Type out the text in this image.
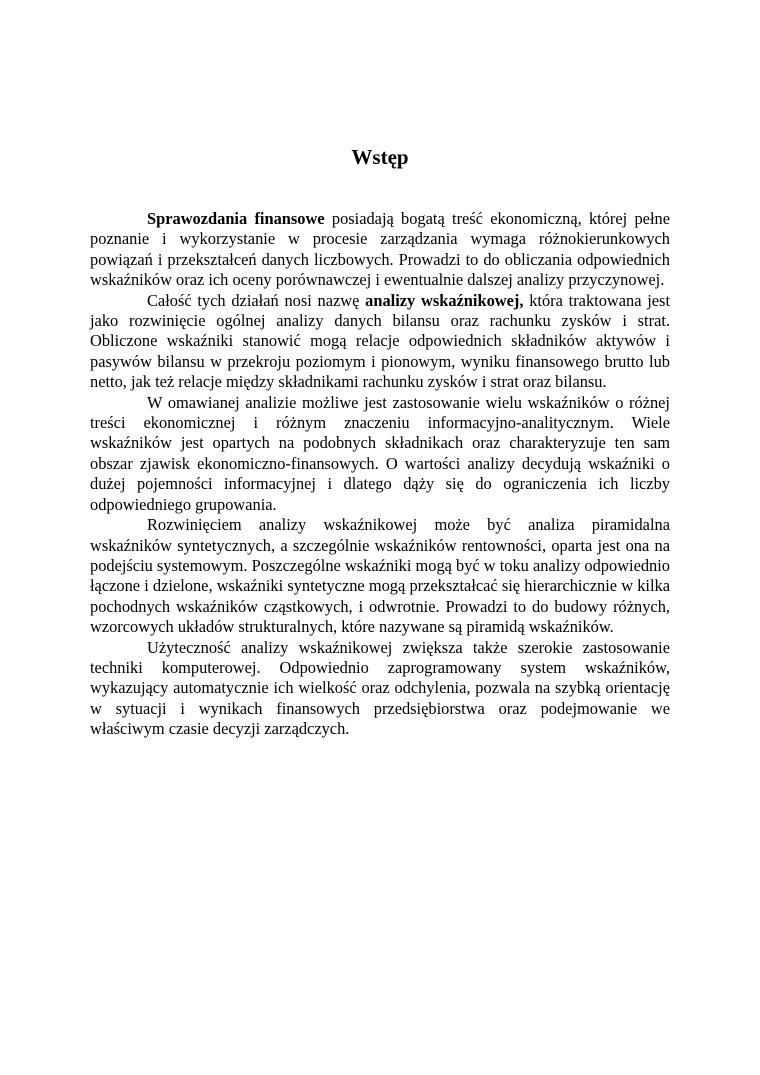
Wstęp

Sprawozdania finansowe posiadają bogatą treść ekonomiczną, której pełne poznanie i wykorzystanie w procesie zarządzania wymaga różnokierunkowych powiązań i przekształceń danych liczbowych. Prowadzi to do obliczania odpowiednich wskaźników oraz ich oceny porównawczej i ewentualnie dalszej analizy przyczynowej.

Całość tych działań nosi nazwę analizy wskaźnikowej, która traktowana jest jako rozwinięcie ogólnej analizy danych bilansu oraz rachunku zysków i strat. Obliczone wskaźniki stanowić mogą relacje odpowiednich składników aktywów i pasywów bilansu w przekroju poziomym i pionowym, wyniku finansowego brutto lub netto, jak też relacje między składnikami rachunku zysków i strat oraz bilansu.

W omawianej analizie możliwe jest zastosowanie wielu wskaźników o różnej treści ekonomicznej i różnym znaczeniu informacyjno-analitycznym. Wiele wskaźników jest opartych na podobnych składnikach oraz charakteryzuje ten sam obszar zjawisk ekonomiczno-finansowych. O wartości analizy decydują wskaźniki o dużej pojemności informacyjnej i dlatego dąży się do ograniczenia ich liczby odpowiedniego grupowania.

Rozwinięciem analizy wskaźnikowej może być analiza piramidalna wskaźników syntetycznych, a szczególnie wskaźników rentowności, oparta jest ona na podejściu systemowym. Poszczególne wskaźniki mogą być w toku analizy odpowiednio łączone i dzielone, wskaźniki syntetyczne mogą przekształcać się hierarchicznie w kilka pochodnych wskaźników cząstkowych, i odwrotnie. Prowadzi to do budowy różnych, wzorcowych układów strukturalnych, które nazywane są piramidą wskaźników.

Użyteczność analizy wskaźnikowej zwiększa także szerokie zastosowanie techniki komputerowej. Odpowiednio zaprogramowany system wskaźników, wykazujący automatycznie ich wielkość oraz odchylenia, pozwala na szybką orientację w sytuacji i wynikach finansowych przedsiębiorstwa oraz podejmowanie we właściwym czasie decyzji zarządczych.
